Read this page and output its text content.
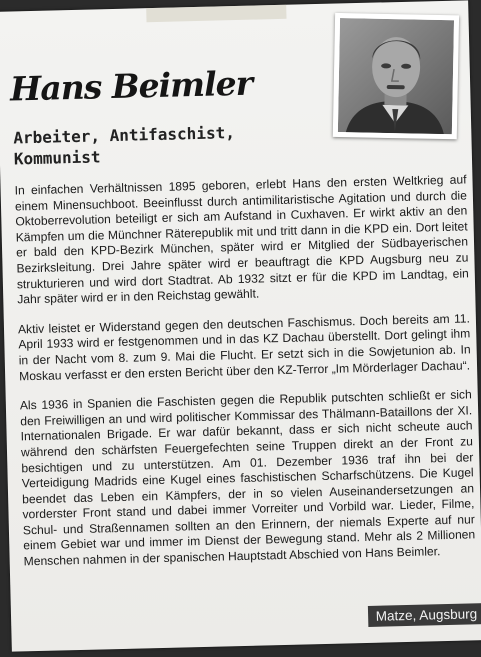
Hans Beimler
Arbeiter, Antifaschist, Kommunist

In einfachen Verhältnissen 1895 geboren, erlebt Hans den ersten Weltkrieg auf einem Minensuchboot. Beeinflusst durch antimilitaristische Agitation und durch die Oktoberrevolution beteiligt er sich am Aufstand in Cuxhaven. Er wirkt aktiv an den Kämpfen um die Münchner Räterepublik mit und tritt dann in die KPD ein. Dort leitet er bald den KPD-Bezirk München, später wird er Mitglied der Südbayerischen Bezirksleitung. Drei Jahre später wird er beauftragt die KPD Augsburg neu zu strukturieren und wird dort Stadtrat. Ab 1932 sitzt er für die KPD im Landtag, ein Jahr später wird er in den Reichstag gewählt.

Aktiv leistet er Widerstand gegen den deutschen Faschismus. Doch bereits am 11. April 1933 wird er festgenommen und in das KZ Dachau überstellt. Dort gelingt ihm in der Nacht vom 8. zum 9. Mai die Flucht. Er setzt sich in die Sowjetunion ab. In Moskau verfasst er den ersten Bericht über den KZ-Terror „Im Mörderlager Dachau“.

Als 1936 in Spanien die Faschisten gegen die Republik putschten schließt er sich den Freiwilligen an und wird politischer Kommissar des Thälmann-Bataillons der XI. Internationalen Brigade. Er war dafür bekannt, dass er sich nicht scheute auch während den schärfsten Feuergefechten seine Truppen direkt an der Front zu besichtigen und zu unterstützen. Am 01. Dezember 1936 traf ihn bei der Verteidigung Madrids eine Kugel eines faschistischen Scharfschützens. Die Kugel beendet das Leben ein Kämpfers, der in so vielen Auseinandersetzungen an vorderster Front stand und dabei immer Vorreiter und Vorbild war. Lieder, Filme, Schul- und Straßennamen sollten an den Erinnern, der niemals Experte auf nur einem Gebiet war und immer im Dienst der Bewegung stand. Mehr als 2 Millionen Menschen nahmen in der spanischen Hauptstadt Abschied von Hans Beimler.

Matze, Augsburg
